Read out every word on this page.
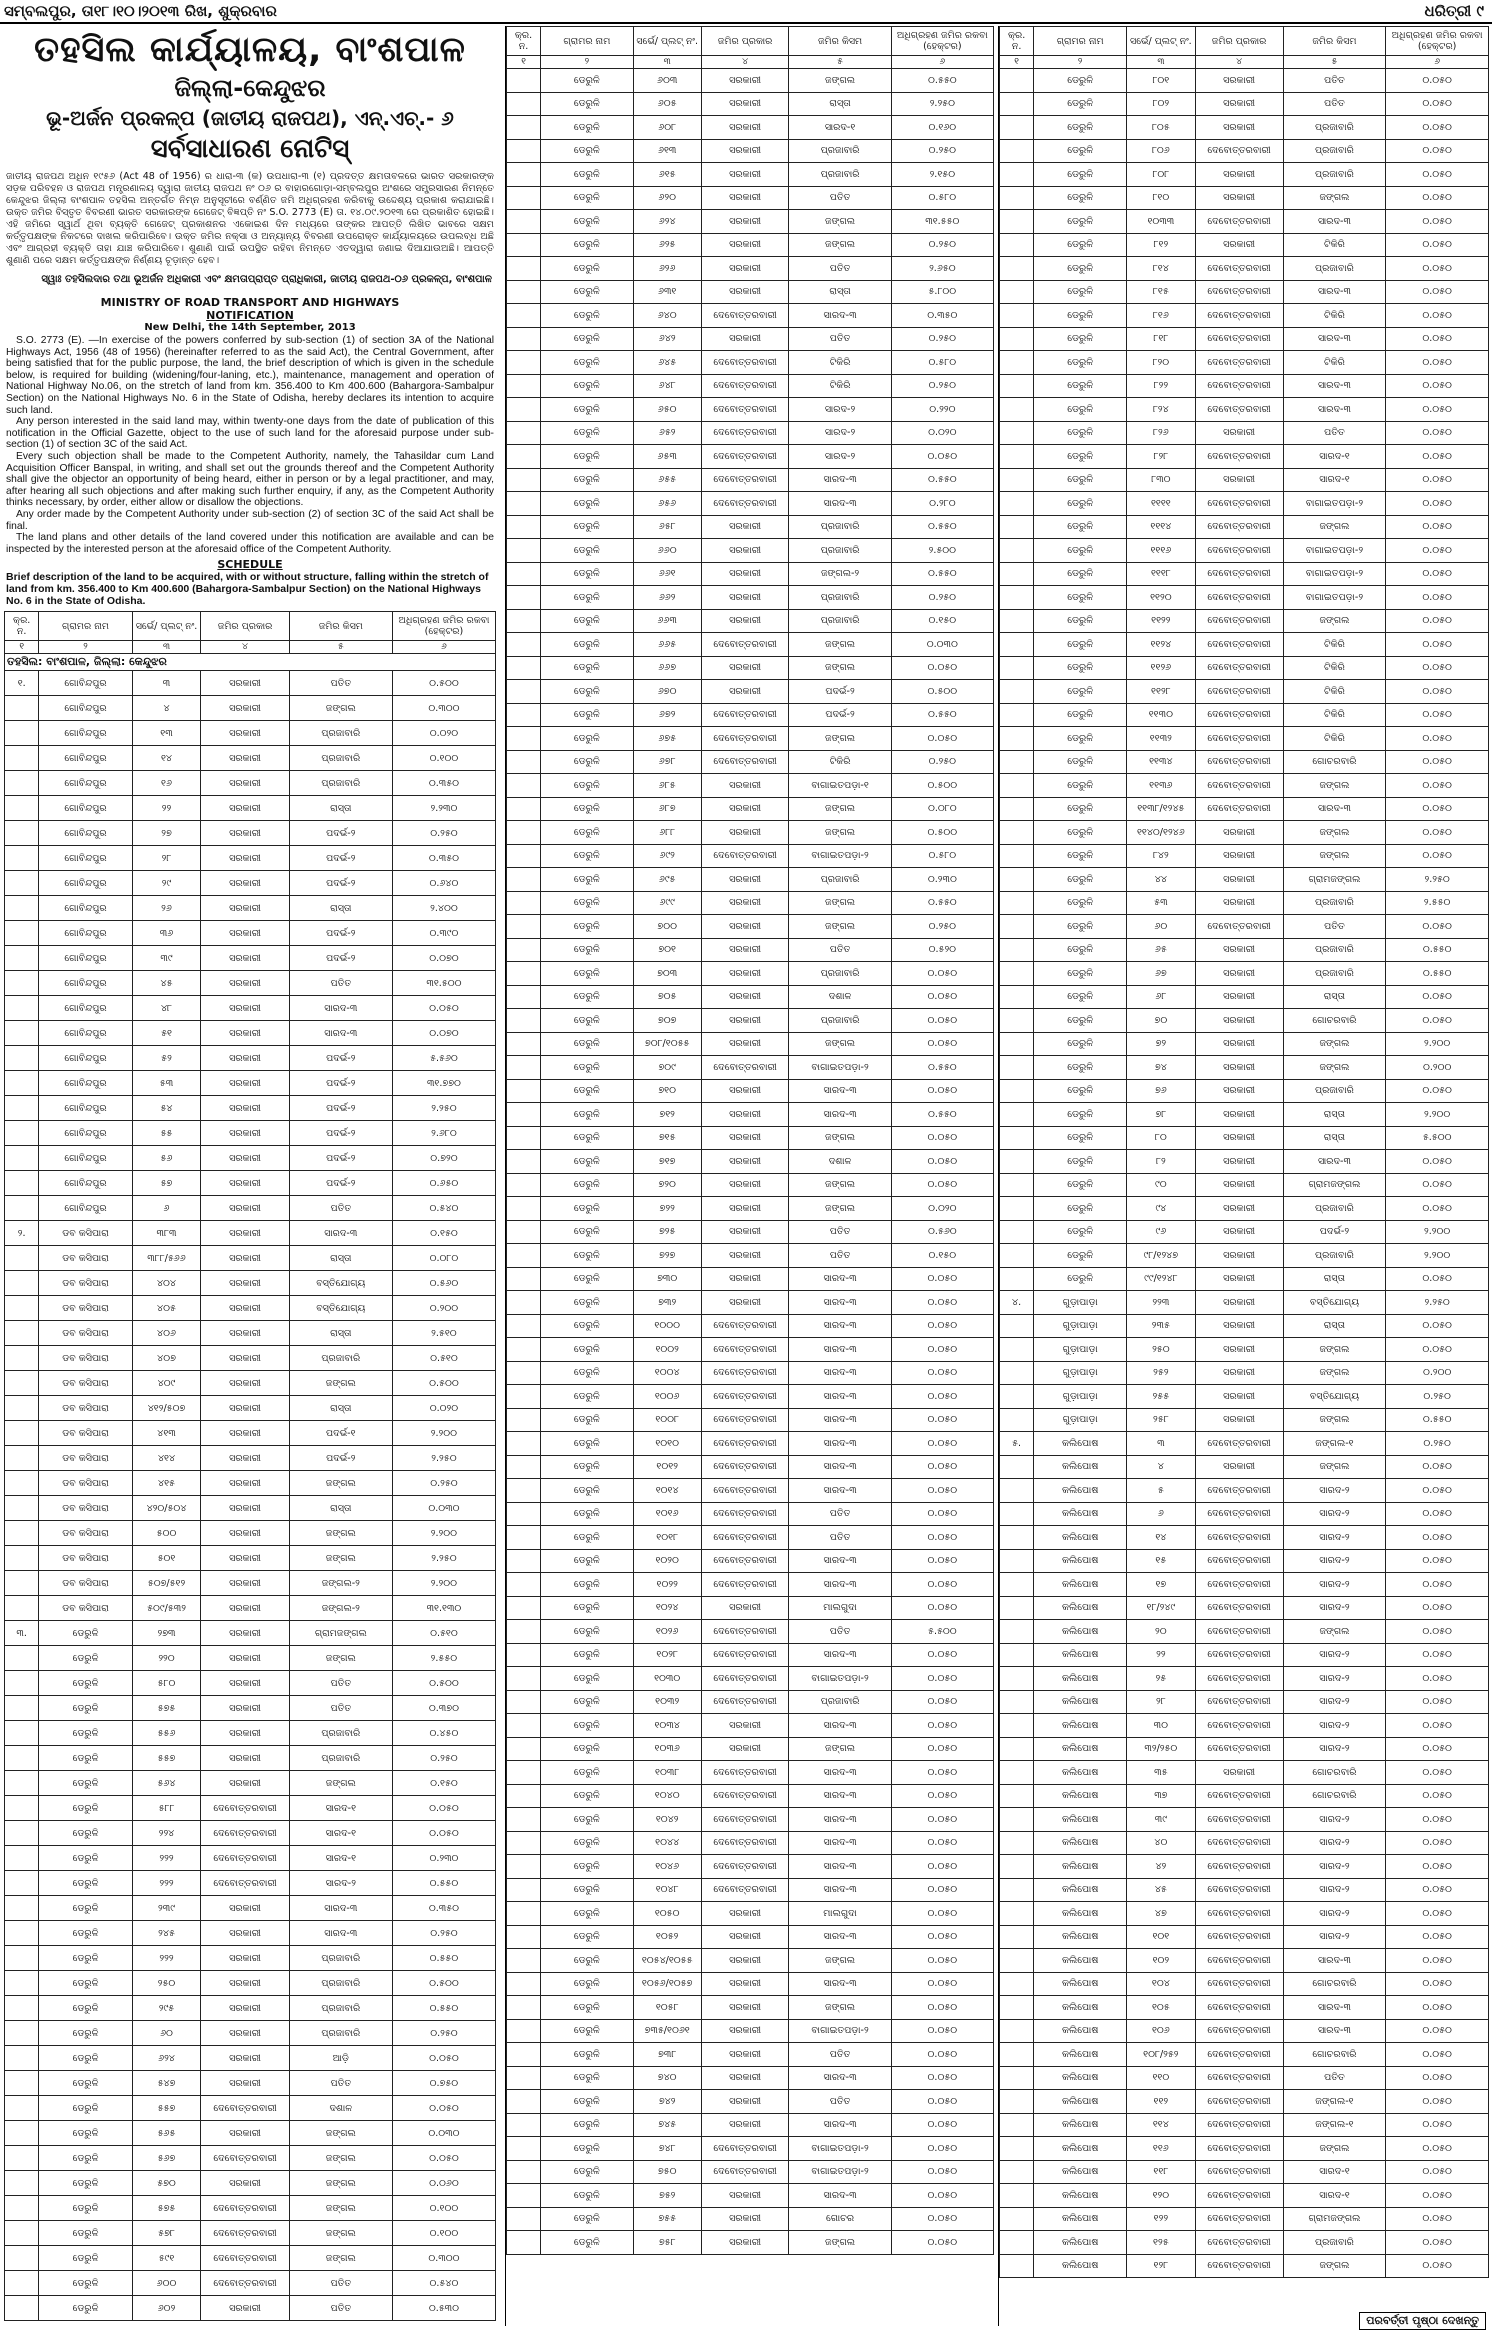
ସମ୍ବଲପୁର, ତା୧୮।୧୦।୨୦୧୩ ରିଖ, ଶୁକ୍ରବାର	ଧରିତ୍ରୀ ୯
ତହସିଲ କାର୍ଯ୍ୟାଳୟ, ବାଂଶପାଳ
ଜିଲ୍ଲା-କେନ୍ଦୁଝର
ଭୂ-ଅର୍ଜନ ପ୍ରକଳ୍ପ (ଜାତୀୟ ରାଜପଥ), ଏନ୍.ଏଚ୍.- ୬
ସର୍ବସାଧାରଣ ନୋଟିସ୍
ଜାତୀୟ ରାଜପଥ ଅଧିନ ୧୯୫୬ (Act 48 of 1956) ର ଧାରା-୩ (କ) ଉପଧାରା-୩ (୧) ପ୍ରଦତ୍ତ କ୍ଷମତାବଳରେ ଭାରତ ସରକାରଙ୍କ ସଡ଼କ ପରିବହନ ଓ ରାଜପଥ ମନ୍ତ୍ରଣାଳୟ ଦ୍ୱାରା ଜାତୀୟ ରାଜପଥ ନଂ ୦୬ ର ବାହାରଗୋଡ଼ା-ସମ୍ବଲପୁର ଅଂଶରେ ସମ୍ପ୍ରସାରଣ ନିମନ୍ତେ କେନ୍ଦୁଝର ଜିଲ୍ଲା ବାଂଶପାଳ ତହସିଲ ଅନ୍ତର୍ଗତ ନିମ୍ନ ଅନୁସୂଚୀରେ ବର୍ଣ୍ଣିତ ଜମି ଅଧିଗ୍ରହଣ କରିବାକୁ ଉଦ୍ଦେଶ୍ୟ ପ୍ରକାଶ କରାଯାଇଛି। ଉକ୍ତ ଜମିର ବିସ୍ତୃତ ବିବରଣୀ ଭାରତ ସରକାରଙ୍କ ଗେଜେଟ୍ ବିଜ୍ଞପ୍ତି ନଂ S.O. 2773 (E) ତା. ୧୪.୦୯.୨୦୧୩ ରେ ପ୍ରକାଶିତ ହୋଇଛି। ଏହି ଜମିରେ ସ୍ୱାର୍ଥ ଥିବା ବ୍ୟକ୍ତି ଗେଜେଟ୍ ପ୍ରକାଶନର ଏକୋଇଶ ଦିନ ମଧ୍ୟରେ ତାଙ୍କର ଆପତ୍ତି ଲିଖିତ ଭାବରେ ସକ୍ଷମ କର୍ତ୍ତୃପକ୍ଷଙ୍କ ନିକଟରେ ଦାଖଲ କରିପାରିବେ। ଉକ୍ତ ଜମିର ନକ୍ସା ଓ ଅନ୍ୟାନ୍ୟ ବିବରଣୀ ଉପରୋକ୍ତ କାର୍ଯ୍ୟାଳୟରେ ଉପଲବ୍ଧ ଅଛି ଏବଂ ଆଗ୍ରହୀ ବ୍ୟକ୍ତି ତାହା ଯାଞ୍ଚ କରିପାରିବେ। ଶୁଣାଣି ପାଇଁ ଉପସ୍ଥିତ ରହିବା ନିମନ୍ତେ ଏତଦ୍ୱାରା ଜଣାଇ ଦିଆଯାଉଅଛି। ଆପତ୍ତି ଶୁଣାଣି ପରେ ସକ୍ଷମ କର୍ତ୍ତୃପକ୍ଷଙ୍କ ନିର୍ଣ୍ଣୟ ଚୂଡ଼ାନ୍ତ ହେବ।
ସ୍ୱାଃ ତହସିଲଦାର ତଥା ଭୂଅର୍ଜନ ଅଧିକାରୀ ଏବଂ କ୍ଷମତାପ୍ରାପ୍ତ ପ୍ରାଧିକାରୀ, ଜାତୀୟ ରାଜପଥ-୦୬ ପ୍ରକଳ୍ପ, ବାଂଶପାଳ
MINISTRY OF ROAD TRANSPORT AND HIGHWAYS
NOTIFICATION
New Delhi, the 14th September, 2013
S.O. 2773 (E). —In exercise of the powers conferred by sub-section (1) of section 3A of the National Highways Act, 1956 (48 of 1956) (hereinafter referred to as the said Act), the Central Government, after being satisfied that for the public purpose, the land, the brief description of which is given in the schedule below, is required for building (widening/four-laning, etc.), maintenance, management and operation of National Highway No.06, on the stretch of land from km. 356.400 to Km 400.600 (Bahargora-Sambalpur Section) on the National Highways No. 6 in the State of Odisha, hereby declares its intention to acquire such land.
Any person interested in the said land may, within twenty-one days from the date of publication of this notification in the Official Gazette, object to the use of such land for the aforesaid purpose under sub-section (1) of section 3C of the said Act.
Every such objection shall be made to the Competent Authority, namely, the Tahasildar cum Land Acquisition Officer Banspal, in writing, and shall set out the grounds thereof and the Competent Authority shall give the objector an opportunity of being heard, either in person or by a legal practitioner, and may, after hearing all such objections and after making such further enquiry, if any, as the Competent Authority thinks necessary, by order, either allow or disallow the objections.
Any order made by the Competent Authority under sub-section (2) of section 3C of the said Act shall be final.
The land plans and other details of the land covered under this notification are available and can be inspected by the interested person at the aforesaid office of the Competent Authority.
SCHEDULE
Brief description of the land to be acquired, with or without structure, falling within the stretch of land from km. 356.400 to Km 400.600 (Bahargora-Sambalpur Section) on the National Highways No. 6 in the State of Odisha.
କ୍ର. ନ.	ଗ୍ରାମର ନାମ	ସର୍ଭେ/ ପ୍ଲଟ୍ ନଂ.	ଜମିର ପ୍ରକାର	ଜମିର କିସମ	ଅଧିଗ୍ରହଣ ଜମିର ରକବା (ହେକ୍ଟର)
୧	୨	୩	୪	୫	୬
ତହସିଲ: ବାଂଶପାଳ, ଜିଲ୍ଲା: କେନ୍ଦୁଝର					
୧.	ଗୋବିନ୍ଦପୁର	୩	ସରକାରୀ	ପତିତ	୦.୫୦୦
	ଗୋବିନ୍ଦପୁର	୪	ସରକାରୀ	ଜଙ୍ଗଲ	୦.୩୦୦
	ଗୋବିନ୍ଦପୁର	୧୩	ସରକାରୀ	ପ୍ରଜାବାରି	୦.୦୨୦
	ଗୋବିନ୍ଦପୁର	୧୪	ସରକାରୀ	ପ୍ରଜାବାରି	୦.୧୦୦
	ଗୋବିନ୍ଦପୁର	୧୬	ସରକାରୀ	ପ୍ରଜାବାରି	୦.୩୫୦
	ଗୋବିନ୍ଦପୁର	୨୨	ସରକାରୀ	ରାସ୍ତା	୨.୨୩୦
	ଗୋବିନ୍ଦପୁର	୨୭	ସରକାରୀ	ପଦର୍ଭ-୨	୦.୨୫୦
	ଗୋବିନ୍ଦପୁର	୨୮	ସରକାରୀ	ପଦର୍ଭ-୨	୦.୩୫୦
	ଗୋବିନ୍ଦପୁର	୨୯	ସରକାରୀ	ପଦର୍ଭ-୨	୦.୬୪୦
	ଗୋବିନ୍ଦପୁର	୨୬	ସରକାରୀ	ରାସ୍ତା	୨.୪୦୦
	ଗୋବିନ୍ଦପୁର	୩୬	ସରକାରୀ	ପଦର୍ଭ-୨	୦.୩୯୦
	ଗୋବିନ୍ଦପୁର	୩୯	ସରକାରୀ	ପଦର୍ଭ-୨	୦.୦୭୦
	ଗୋବିନ୍ଦପୁର	୪୫	ସରକାରୀ	ପତିତ	୩୧.୫୦୦
	ଗୋବିନ୍ଦପୁର	୪୮	ସରକାରୀ	ସାରଦ-୩	୦.୦୫୦
	ଗୋବିନ୍ଦପୁର	୫୧	ସରକାରୀ	ସାରଦ-୩	୦.୦୭୦
	ଗୋବିନ୍ଦପୁର	୫୨	ସରକାରୀ	ପଦର୍ଭ-୨	୫.୫୬୦
	ଗୋବିନ୍ଦପୁର	୫୩	ସରକାରୀ	ପଦର୍ଭ-୨	୩୧.୭୭୦
	ଗୋବିନ୍ଦପୁର	୫୪	ସରକାରୀ	ପଦର୍ଭ-୨	୨.୨୫୦
	ଗୋବିନ୍ଦପୁର	୫୫	ସରକାରୀ	ପଦର୍ଭ-୨	୨.୬୮୦
	ଗୋବିନ୍ଦପୁର	୫୬	ସରକାରୀ	ପଦର୍ଭ-୨	୦.୭୨୦
	ଗୋବିନ୍ଦପୁର	୫୭	ସରକାରୀ	ପଦର୍ଭ-୨	୦.୬୫୦
	ଗୋବିନ୍ଦପୁର	୬	ସରକାରୀ	ପତିତ	୦.୫୪୦
୨.	ଡବ କସିପାରା	୩୮୩	ସରକାରୀ	ସାରଦ-୩	୦.୧୫୦
	ଡବ କସିପାରା	୩୮୮/୫୬୬	ସରକାରୀ	ରାସ୍ତା	୦.୦୮୦
	ଡବ କସିପାରା	୪୦୪	ସରକାରୀ	ବସ୍ତିଯୋଗ୍ୟ	୦.୫୬୦
	ଡବ କସିପାରା	୪୦୫	ସରକାରୀ	ବସ୍ତିଯୋଗ୍ୟ	୦.୨୦୦
	ଡବ କସିପାରା	୪୦୬	ସରକାରୀ	ରାସ୍ତା	୨.୫୧୦
	ଡବ କସିପାରା	୪୦୭	ସରକାରୀ	ପ୍ରଜାବାରି	୦.୫୧୦
	ଡବ କସିପାରା	୪୦୯	ସରକାରୀ	ଜଙ୍ଗଲ	୦.୫୦୦
	ଡବ କସିପାରା	୪୧୨/୫୦୭	ସରକାରୀ	ରାସ୍ତା	୦.୦୨୦
	ଡବ କସିପାରା	୪୧୩	ସରକାରୀ	ପଦର୍ଭ-୧	୨.୨୦୦
	ଡବ କସିପାରା	୪୧୪	ସରକାରୀ	ପଦର୍ଭ-୨	୨.୨୫୦
	ଡବ କସିପାରା	୪୧୫	ସରକାରୀ	ଜଙ୍ଗଲ	୦.୨୫୦
	ଡବ କସିପାରା	୪୨୦/୫୦୪	ସରକାରୀ	ରାସ୍ତା	୦.୦୩୦
	ଡବ କସିପାରା	୫୦୦	ସରକାରୀ	ଜଙ୍ଗଲ	୨.୨୦୦
	ଡବ କସିପାରା	୫୦୧	ସରକାରୀ	ଜଙ୍ଗଲ	୨.୨୫୦
	ଡବ କସିପାରା	୫୦୭/୫୧୨	ସରକାରୀ	ଜଙ୍ଗଲ-୨	୨.୨୦୦
	ଡବ କସିପାରା	୫୦୯/୫୩୨	ସରକାରୀ	ଜଙ୍ଗଲ-୨	୩୧.୧୩୦
୩.	ଡେରୁଳି	୨୭୩	ସରକାରୀ	ଗ୍ରାମଜଙ୍ଗଲ	୦.୫୧୦
	ଡେରୁଳି	୨୨୦	ସରକାରୀ	ଜଙ୍ଗଲ	୨.୫୫୦
	ଡେରୁଳି	୫୮୦	ସରକାରୀ	ପତିତ	୦.୫୦୦
	ଡେରୁଳି	୫୭୫	ସରକାରୀ	ପତିତ	୦.୩୭୦
	ଡେରୁଳି	୫୫୬	ସରକାରୀ	ପ୍ରଜାବାରି	୦.୪୫୦
	ଡେରୁଳି	୫୫୭	ସରକାରୀ	ପ୍ରଜାବାରି	୦.୨୫୦
	ଡେରୁଳି	୫୬୪	ସରକାରୀ	ଜଙ୍ଗଲ	୦.୧୫୦
	ଡେରୁଳି	୫୮୮	ଦେବୋତ୍ତରବାରୀ	ସାରଦ-୧	୦.୦୫୦
	ଡେରୁଳି	୨୨୪	ଦେବୋତ୍ତରବାରୀ	ସାରଦ-୧	୦.୦୫୦
	ଡେରୁଳି	୨୨୨	ଦେବୋତ୍ତରବାରୀ	ସାରଦ-୧	୦.୨୩୦
	ଡେରୁଳି	୨୨୨	ଦେବୋତ୍ତରବାରୀ	ସାରଦ-୨	୦.୫୫୦
	ଡେରୁଳି	୨୩୯	ସରକାରୀ	ସାରଦ-୩	୦.୩୫୦
	ଡେରୁଳି	୨୪୫	ସରକାରୀ	ସାରଦ-୩	୦.୨୫୦
	ଡେରୁଳି	୨୨୨	ସରକାରୀ	ପ୍ରଜାବାରି	୦.୫୫୦
	ଡେରୁଳି	୨୫୦	ସରକାରୀ	ପ୍ରଜାବାରି	୦.୫୦୦
	ଡେରୁଳି	୨୯୫	ସରକାରୀ	ପ୍ରଜାବାରି	୦.୫୫୦
	ଡେରୁଳି	୬୦	ସରକାରୀ	ପ୍ରଜାବାରି	୦.୨୫୦
	ଡେରୁଳି	୬୨୪	ସରକାରୀ	ଆଡ଼ି	୦.୦୫୦
	ଡେରୁଳି	୫୪୭	ସରକାରୀ	ପତିତ	୦.୭୫୦
	ଡେରୁଳି	୫୫୭	ଦେବୋତ୍ତରବାରୀ	ଦଶାଳ	୦.୦୫୦
	ଡେରୁଳି	୫୬୫	ସରକାରୀ	ଜଙ୍ଗଲ	୦.୦୩୦
	ଡେରୁଳି	୫୬୭	ଦେବୋତ୍ତରବାରୀ	ଜଙ୍ଗଲ	୦.୦୫୦
	ଡେରୁଳି	୫୭୦	ସରକାରୀ	ଜଙ୍ଗଲ	୦.୦୬୦
	ଡେରୁଳି	୫୭୫	ଦେବୋତ୍ତରବାରୀ	ଜଙ୍ଗଲ	୦.୧୦୦
	ଡେରୁଳି	୫୭୮	ଦେବୋତ୍ତରବାରୀ	ଜଙ୍ଗଲ	୦.୧୦୦
	ଡେରୁଳି	୫୯୧	ଦେବୋତ୍ତରବାରୀ	ଜଙ୍ଗଲ	୦.୩୦୦
	ଡେରୁଳି	୬୦୦	ଦେବୋତ୍ତରବାରୀ	ପତିତ	୦.୫୪୦
	ଡେରୁଳି	୬୦୨	ସରକାରୀ	ପତିତ	୦.୫୩୦
କ୍ର. ନ.	ଗ୍ରାମର ନାମ	ସର୍ଭେ/ ପ୍ଲଟ୍ ନଂ.	ଜମିର ପ୍ରକାର	ଜମିର କିସମ	ଅଧିଗ୍ରହଣ ଜମିର ରକବା (ହେକ୍ଟର)
୧	୨	୩	୪	୫	୬
	ଡେରୁଳି	୬୦୩	ସରକାରୀ	ଜଙ୍ଗଲ	୦.୫୫୦
	ଡେରୁଳି	୬୦୫	ସରକାରୀ	ରାସ୍ତା	୨.୨୫୦
	ଡେରୁଳି	୬୦୮	ସରକାରୀ	ସାରଦ-୧	୦.୧୬୦
	ଡେରୁଳି	୬୧୩	ସରକାରୀ	ପ୍ରଜାବାରି	୦.୨୫୦
	ଡେରୁଳି	୬୧୫	ସରକାରୀ	ପ୍ରଜାବାରି	୨.୧୫୦
	ଡେରୁଳି	୬୨୦	ସରକାରୀ	ପତିତ	୦.୫୮୦
	ଡେରୁଳି	୬୨୪	ସରକାରୀ	ଜଙ୍ଗଲ	୩୧.୫୫୦
	ଡେରୁଳି	୬୨୫	ସରକାରୀ	ଜଙ୍ଗଲ	୦.୨୫୦
	ଡେରୁଳି	୬୨୬	ସରକାରୀ	ପତିତ	୨.୬୫୦
	ଡେରୁଳି	୬୩୧	ସରକାରୀ	ରାସ୍ତା	୫.୮୦୦
	ଡେରୁଳି	୬୪୦	ଦେବୋତ୍ତରବାରୀ	ସାରଦ-୩	୦.୩୫୦
	ଡେରୁଳି	୬୪୨	ସରକାରୀ	ପତିତ	୦.୨୫୦
	ଡେରୁଳି	୬୪୫	ଦେବୋତ୍ତରବାରୀ	ଟିକିରି	୦.୫୮୦
	ଡେରୁଳି	୬୪୮	ଦେବୋତ୍ତରବାରୀ	ଟିକିରି	୦.୨୫୦
	ଡେରୁଳି	୬୫୦	ଦେବୋତ୍ତରବାରୀ	ସାରଦ-୨	୦.୨୨୦
	ଡେରୁଳି	୬୫୨	ଦେବୋତ୍ତରବାରୀ	ସାରଦ-୨	୦.୦୨୦
	ଡେରୁଳି	୬୫୩	ଦେବୋତ୍ତରବାରୀ	ସାରଦ-୨	୦.୦୫୦
	ଡେରୁଳି	୬୫୫	ଦେବୋତ୍ତରବାରୀ	ସାରଦ-୩	୦.୫୫୦
	ଡେରୁଳି	୬୫୬	ଦେବୋତ୍ତରବାରୀ	ସାରଦ-୩	୦.୨୮୦
	ଡେରୁଳି	୬୫୮	ସରକାରୀ	ପ୍ରଜାବାରି	୦.୫୫୦
	ଡେରୁଳି	୬୬୦	ସରକାରୀ	ପ୍ରଜାବାରି	୨.୫୦୦
	ଡେରୁଳି	୬୬୧	ସରକାରୀ	ଜଙ୍ଗଲ-୨	୦.୫୫୦
	ଡେରୁଳି	୬୬୨	ସରକାରୀ	ପ୍ରଜାବାରି	୦.୨୫୦
	ଡେରୁଳି	୬୬୩	ସରକାରୀ	ପ୍ରଜାବାରି	୦.୧୫୦
	ଡେରୁଳି	୬୬୫	ଦେବୋତ୍ତରବାରୀ	ଜଙ୍ଗଲ	୦.୦୩୦
	ଡେରୁଳି	୬୬୭	ସରକାରୀ	ଜଙ୍ଗଲ	୦.୦୫୦
	ଡେରୁଳି	୬୭୦	ସରକାରୀ	ପଦର୍ଭ-୨	୦.୫୦୦
	ଡେରୁଳି	୬୭୨	ଦେବୋତ୍ତରବାରୀ	ପଦର୍ଭ-୨	୦.୫୫୦
	ଡେରୁଳି	୬୭୫	ଦେବୋତ୍ତରବାରୀ	ଜଙ୍ଗଲ	୦.୦୫୦
	ଡେରୁଳି	୬୭୮	ଦେବୋତ୍ତରବାରୀ	ଟିକିରି	୦.୨୫୦
	ଡେରୁଳି	୬୮୫	ସରକାରୀ	ବାଗାଇତପଡ଼ା-୧	୦.୫୦୦
	ଡେରୁଳି	୬୮୭	ସରକାରୀ	ଜଙ୍ଗଲ	୦.୦୮୦
	ଡେରୁଳି	୬୮୮	ସରକାରୀ	ଜଙ୍ଗଲ	୦.୫୦୦
	ଡେରୁଳି	୬୯୨	ଦେବୋତ୍ତରବାରୀ	ବାଗାଇତପଡ଼ା-୨	୦.୫୮୦
	ଡେରୁଳି	୬୯୫	ସରକାରୀ	ପ୍ରଜାବାରି	୦.୨୩୦
	ଡେରୁଳି	୬୯୯	ସରକାରୀ	ଜଙ୍ଗଲ	୦.୫୫୦
	ଡେରୁଳି	୭୦୦	ସରକାରୀ	ଜଙ୍ଗଲ	୦.୨୫୦
	ଡେରୁଳି	୭୦୧	ସରକାରୀ	ପତିତ	୦.୫୨୦
	ଡେରୁଳି	୭୦୩	ସରକାରୀ	ପ୍ରଜାବାରି	୦.୦୫୦
	ଡେରୁଳି	୭୦୫	ସରକାରୀ	ଦଶାଳ	୦.୦୫୦
	ଡେରୁଳି	୭୦୭	ସରକାରୀ	ପ୍ରଜାବାରି	୦.୦୫୦
	ଡେରୁଳି	୭୦୮/୧୦୫୫	ସରକାରୀ	ଜଙ୍ଗଲ	୦.୦୫୦
	ଡେରୁଳି	୭୦୯	ଦେବୋତ୍ତରବାରୀ	ବାଗାଇତପଡ଼ା-୨	୦.୫୫୦
	ଡେରୁଳି	୭୧୦	ସରକାରୀ	ସାରଦ-୩	୦.୦୫୦
	ଡେରୁଳି	୭୧୨	ସରକାରୀ	ସାରଦ-୩	୦.୫୫୦
	ଡେରୁଳି	୭୧୫	ସରକାରୀ	ଜଙ୍ଗଲ	୦.୦୫୦
	ଡେରୁଳି	୭୧୭	ସରକାରୀ	ଦଶାଳ	୦.୦୫୦
	ଡେରୁଳି	୭୨୦	ସରକାରୀ	ଜଙ୍ଗଲ	୦.୦୫୦
	ଡେରୁଳି	୭୨୨	ସରକାରୀ	ଜଙ୍ଗଲ	୦.୦୨୦
	ଡେରୁଳି	୭୨୫	ସରକାରୀ	ପତିତ	୦.୫୬୦
	ଡେରୁଳି	୭୨୭	ସରକାରୀ	ପତିତ	୦.୧୫୦
	ଡେରୁଳି	୭୩୦	ସରକାରୀ	ସାରଦ-୩	୦.୦୫୦
	ଡେରୁଳି	୭୩୨	ସରକାରୀ	ସାରଦ-୩	୦.୦୫୦
	ଡେରୁଳି	୧୦୦୦	ଦେବୋତ୍ତରବାରୀ	ସାରଦ-୩	୦.୦୫୦
	ଡେରୁଳି	୧୦୦୨	ଦେବୋତ୍ତରବାରୀ	ସାରଦ-୩	୦.୦୫୦
	ଡେରୁଳି	୧୦୦୪	ଦେବୋତ୍ତରବାରୀ	ସାରଦ-୩	୦.୦୫୦
	ଡେରୁଳି	୧୦୦୬	ଦେବୋତ୍ତରବାରୀ	ସାରଦ-୩	୦.୦୫୦
	ଡେରୁଳି	୧୦୦୮	ଦେବୋତ୍ତରବାରୀ	ସାରଦ-୩	୦.୦୫୦
	ଡେରୁଳି	୧୦୧୦	ଦେବୋତ୍ତରବାରୀ	ସାରଦ-୩	୦.୦୫୦
	ଡେରୁଳି	୧୦୧୨	ଦେବୋତ୍ତରବାରୀ	ସାରଦ-୩	୦.୦୫୦
	ଡେରୁଳି	୧୦୧୪	ଦେବୋତ୍ତରବାରୀ	ସାରଦ-୩	୦.୦୫୦
	ଡେରୁଳି	୧୦୧୬	ଦେବୋତ୍ତରବାରୀ	ପତିତ	୦.୦୫୦
	ଡେରୁଳି	୧୦୧୮	ଦେବୋତ୍ତରବାରୀ	ପତିତ	୦.୦୫୦
	ଡେରୁଳି	୧୦୨୦	ଦେବୋତ୍ତରବାରୀ	ସାରଦ-୩	୦.୦୫୦
	ଡେରୁଳି	୧୦୨୨	ଦେବୋତ୍ତରବାରୀ	ସାରଦ-୩	୦.୦୫୦
	ଡେରୁଳି	୧୦୨୪	ସରକାରୀ	ମାଲଗୁଦା	୦.୦୫୦
	ଡେରୁଳି	୧୦୨୬	ଦେବୋତ୍ତରବାରୀ	ପତିତ	୫.୫୦୦
	ଡେରୁଳି	୧୦୨୮	ଦେବୋତ୍ତରବାରୀ	ସାରଦ-୩	୦.୦୫୦
	ଡେରୁଳି	୧୦୩୦	ଦେବୋତ୍ତରବାରୀ	ବାଗାଇତପଡ଼ା-୨	୦.୦୫୦
	ଡେରୁଳି	୧୦୩୨	ଦେବୋତ୍ତରବାରୀ	ପ୍ରଜାବାରି	୦.୦୫୦
	ଡେରୁଳି	୧୦୩୪	ସରକାରୀ	ସାରଦ-୩	୦.୦୫୦
	ଡେରୁଳି	୧୦୩୬	ସରକାରୀ	ଜଙ୍ଗଲ	୦.୦୫୦
	ଡେରୁଳି	୧୦୩୮	ଦେବୋତ୍ତରବାରୀ	ସାରଦ-୩	୦.୦୫୦
	ଡେରୁଳି	୧୦୪୦	ଦେବୋତ୍ତରବାରୀ	ସାରଦ-୩	୦.୦୫୦
	ଡେରୁଳି	୧୦୪୨	ଦେବୋତ୍ତରବାରୀ	ସାରଦ-୩	୦.୦୫୦
	ଡେରୁଳି	୧୦୪୪	ଦେବୋତ୍ତରବାରୀ	ସାରଦ-୩	୦.୦୫୦
	ଡେରୁଳି	୧୦୪୬	ଦେବୋତ୍ତରବାରୀ	ସାରଦ-୩	୦.୦୫୦
	ଡେରୁଳି	୧୦୪୮	ଦେବୋତ୍ତରବାରୀ	ସାରଦ-୩	୦.୦୫୦
	ଡେରୁଳି	୧୦୫୦	ସରକାରୀ	ମାଲଗୁଦା	୦.୦୫୦
	ଡେରୁଳି	୧୦୫୨	ସରକାରୀ	ସାରଦ-୩	୦.୦୫୦
	ଡେରୁଳି	୧୦୫୪/୧୦୫୫	ସରକାରୀ	ଜଙ୍ଗଲ	୦.୦୫୦
	ଡେରୁଳି	୧୦୫୬/୧୦୫୭	ସରକାରୀ	ସାରଦ-୩	୦.୦୫୦
	ଡେରୁଳି	୧୦୫୮	ସରକାରୀ	ଜଙ୍ଗଲ	୦.୦୫୦
	ଡେରୁଳି	୭୩୫/୧୦୬୧	ସରକାରୀ	ବାଗାଇତପଡ଼ା-୨	୦.୦୫୦
	ଡେରୁଳି	୭୩୮	ସରକାରୀ	ପତିତ	୦.୦୫୦
	ଡେରୁଳି	୭୪୦	ସରକାରୀ	ସାରଦ-୩	୦.୦୫୦
	ଡେରୁଳି	୭୪୨	ସରକାରୀ	ପତିତ	୦.୦୫୦
	ଡେରୁଳି	୭୪୫	ସରକାରୀ	ସାରଦ-୩	୦.୦୫୦
	ଡେରୁଳି	୭୪୮	ଦେବୋତ୍ତରବାରୀ	ବାଗାଇତପଡ଼ା-୨	୦.୦୫୦
	ଡେରୁଳି	୭୫୦	ଦେବୋତ୍ତରବାରୀ	ବାଗାଇତପଡ଼ା-୨	୦.୦୫୦
	ଡେରୁଳି	୭୫୨	ସରକାରୀ	ସାରଦ-୩	୦.୦୫୦
	ଡେରୁଳି	୭୫୫	ସରକାରୀ	ଗୋଚର	୦.୦୫୦
	ଡେରୁଳି	୭୫୮	ସରକାରୀ	ଜଙ୍ଗଲ	୦.୦୫୦
କ୍ର. ନ.	ଗ୍ରାମର ନାମ	ସର୍ଭେ/ ପ୍ଲଟ୍ ନଂ.	ଜମିର ପ୍ରକାର	ଜମିର କିସମ	ଅଧିଗ୍ରହଣ ଜମିର ରକବା (ହେକ୍ଟର)
୧	୨	୩	୪	୫	୬
	ଡେରୁଳି	୮୦୧	ସରକାରୀ	ପତିତ	୦.୦୫୦
	ଡେରୁଳି	୮୦୨	ସରକାରୀ	ପତିତ	୦.୦୫୦
	ଡେରୁଳି	୮୦୫	ସରକାରୀ	ପ୍ରଜାବାରି	୦.୦୫୦
	ଡେରୁଳି	୮୦୬	ଦେବୋତ୍ତରବାରୀ	ପ୍ରଜାବାରି	୦.୦୫୦
	ଡେରୁଳି	୮୦୮	ସରକାରୀ	ପ୍ରଜାବାରି	୦.୦୫୦
	ଡେରୁଳି	୮୧୦	ସରକାରୀ	ଜଙ୍ଗଲ	୦.୦୫୦
	ଡେରୁଳି	୧୦୩୩	ଦେବୋତ୍ତରବାରୀ	ସାରଦ-୩	୦.୦୫୦
	ଡେରୁଳି	୮୧୨	ସରକାରୀ	ଟିକିରି	୦.୦୫୦
	ଡେରୁଳି	୮୧୪	ଦେବୋତ୍ତରବାରୀ	ପ୍ରଜାବାରି	୦.୦୫୦
	ଡେରୁଳି	୮୧୫	ଦେବୋତ୍ତରବାରୀ	ସାରଦ-୩	୦.୦୫୦
	ଡେରୁଳି	୮୧୬	ଦେବୋତ୍ତରବାରୀ	ଟିକିରି	୦.୦୫୦
	ଡେରୁଳି	୮୧୮	ଦେବୋତ୍ତରବାରୀ	ସାରଦ-୩	୦.୦୫୦
	ଡେରୁଳି	୮୨୦	ଦେବୋତ୍ତରବାରୀ	ଟିକିରି	୦.୦୫୦
	ଡେରୁଳି	୮୨୨	ଦେବୋତ୍ତରବାରୀ	ସାରଦ-୩	୦.୦୫୦
	ଡେରୁଳି	୮୨୪	ଦେବୋତ୍ତରବାରୀ	ସାରଦ-୩	୦.୦୫୦
	ଡେରୁଳି	୮୨୬	ସରକାରୀ	ପତିତ	୦.୦୫୦
	ଡେରୁଳି	୮୨୮	ଦେବୋତ୍ତରବାରୀ	ସାରଦ-୧	୦.୦୫୦
	ଡେରୁଳି	୮୩୦	ସରକାରୀ	ସାରଦ-୧	୦.୦୫୦
	ଡେରୁଳି	୧୧୧୧	ଦେବୋତ୍ତରବାରୀ	ବାଗାଇତପଡ଼ା-୨	୦.୦୫୦
	ଡେରୁଳି	୧୧୧୪	ଦେବୋତ୍ତରବାରୀ	ଜଙ୍ଗଲ	୦.୦୫୦
	ଡେରୁଳି	୧୧୧୬	ଦେବୋତ୍ତରବାରୀ	ବାଗାଇତପଡ଼ା-୨	୦.୦୫୦
	ଡେରୁଳି	୧୧୧୮	ଦେବୋତ୍ତରବାରୀ	ବାଗାଇତପଡ଼ା-୨	୦.୦୫୦
	ଡେରୁଳି	୧୧୨୦	ଦେବୋତ୍ତରବାରୀ	ବାଗାଇତପଡ଼ା-୨	୦.୦୫୦
	ଡେରୁଳି	୧୧୨୨	ଦେବୋତ୍ତରବାରୀ	ଜଙ୍ଗଲ	୦.୦୫୦
	ଡେରୁଳି	୧୧୨୪	ଦେବୋତ୍ତରବାରୀ	ଟିକିରି	୦.୦୫୦
	ଡେରୁଳି	୧୧୨୬	ଦେବୋତ୍ତରବାରୀ	ଟିକିରି	୦.୦୫୦
	ଡେରୁଳି	୧୧୨୮	ଦେବୋତ୍ତରବାରୀ	ଟିକିରି	୦.୦୫୦
	ଡେରୁଳି	୧୧୩୦	ଦେବୋତ୍ତରବାରୀ	ଟିକିରି	୦.୦୫୦
	ଡେରୁଳି	୧୧୩୨	ଦେବୋତ୍ତରବାରୀ	ଟିକିରି	୦.୦୫୦
	ଡେରୁଳି	୧୧୩୪	ଦେବୋତ୍ତରବାରୀ	ଗୋଚରବାରି	୦.୦୫୦
	ଡେରୁଳି	୧୧୩୬	ଦେବୋତ୍ତରବାରୀ	ଜଙ୍ଗଲ	୦.୦୫୦
	ଡେରୁଳି	୧୧୩୮/୧୨୪୫	ଦେବୋତ୍ତରବାରୀ	ସାରଦ-୩	୦.୦୫୦
	ଡେରୁଳି	୧୧୪୦/୧୨୪୬	ସରକାରୀ	ଜଙ୍ଗଲ	୦.୦୫୦
	ଡେରୁଳି	୮୪୨	ସରକାରୀ	ଜଙ୍ଗଲ	୦.୦୫୦
	ଡେରୁଳି	୪୪	ସରକାରୀ	ଗ୍ରାମଜଙ୍ଗଲ	୨.୨୫୦
	ଡେରୁଳି	୫୩	ସରକାରୀ	ପ୍ରଜାବାରି	୨.୫୫୦
	ଡେରୁଳି	୬୦	ଦେବୋତ୍ତରବାରୀ	ପତିତ	୦.୦୫୦
	ଡେରୁଳି	୬୫	ସରକାରୀ	ପ୍ରଜାବାରି	୦.୫୫୦
	ଡେରୁଳି	୬୭	ସରକାରୀ	ପ୍ରଜାବାରି	୦.୫୫୦
	ଡେରୁଳି	୬୮	ସରକାରୀ	ରାସ୍ତା	୦.୦୫୦
	ଡେରୁଳି	୭୦	ସରକାରୀ	ଗୋଚରବାରି	୦.୦୫୦
	ଡେରୁଳି	୭୨	ସରକାରୀ	ଜଙ୍ଗଲ	୨.୨୦୦
	ଡେରୁଳି	୭୪	ସରକାରୀ	ଜଙ୍ଗଲ	୦.୨୦୦
	ଡେରୁଳି	୭୬	ସରକାରୀ	ପ୍ରଜାବାରି	୦.୦୫୦
	ଡେରୁଳି	୭୮	ସରକାରୀ	ରାସ୍ତା	୨.୨୦୦
	ଡେରୁଳି	୮୦	ସରକାରୀ	ରାସ୍ତା	୫.୫୦୦
	ଡେରୁଳି	୮୨	ସରକାରୀ	ସାରଦ-୩	୦.୦୫୦
	ଡେରୁଳି	୯୦	ସରକାରୀ	ଗ୍ରାମଜଙ୍ଗଲ	୦.୦୫୦
	ଡେରୁଳି	୯୪	ସରକାରୀ	ପ୍ରଜାବାରି	୦.୦୫୦
	ଡେରୁଳି	୯୬	ସରକାରୀ	ପଦର୍ଭ-୨	୨.୨୦୦
	ଡେରୁଳି	୯୮/୧୨୪୭	ସରକାରୀ	ପ୍ରଜାବାରି	୨.୨୦୦
	ଡେରୁଳି	୯୯/୧୨୪୮	ସରକାରୀ	ରାସ୍ତା	୦.୦୫୦
୪.	ଗୁଡ଼ାପାଡ଼ା	୨୨୩	ସରକାରୀ	ବସ୍ତିଯୋଗ୍ୟ	୨.୨୫୦
	ଗୁଡ଼ାପାଡ଼ା	୨୩୫	ସରକାରୀ	ରାସ୍ତା	୦.୦୫୦
	ଗୁଡ଼ାପାଡ଼ା	୨୫୦	ସରକାରୀ	ଜଙ୍ଗଲ	୦.୦୫୦
	ଗୁଡ଼ାପାଡ଼ା	୨୫୨	ସରକାରୀ	ଜଙ୍ଗଲ	୦.୨୦୦
	ଗୁଡ଼ାପାଡ଼ା	୨୫୫	ସରକାରୀ	ବସ୍ତିଯୋଗ୍ୟ	୦.୨୫୦
	ଗୁଡ଼ାପାଡ଼ା	୨୫୮	ସରକାରୀ	ଜଙ୍ଗଲ	୦.୫୫୦
୫.	କଲିପୋଷ	୩	ଦେବୋତ୍ତରବାରୀ	ଜଙ୍ଗଲ-୧	୦.୨୫୦
	କଲିପୋଷ	୪	ସରକାରୀ	ଜଙ୍ଗଲ	୦.୦୫୦
	କଲିପୋଷ	୫	ଦେବୋତ୍ତରବାରୀ	ସାରଦ-୨	୦.୦୫୦
	କଲିପୋଷ	୬	ଦେବୋତ୍ତରବାରୀ	ସାରଦ-୨	୦.୦୫୦
	କଲିପୋଷ	୧୪	ଦେବୋତ୍ତରବାରୀ	ସାରଦ-୨	୦.୦୫୦
	କଲିପୋଷ	୧୫	ଦେବୋତ୍ତରବାରୀ	ସାରଦ-୨	୦.୦୫୦
	କଲିପୋଷ	୧୭	ଦେବୋତ୍ତରବାରୀ	ସାରଦ-୨	୦.୦୫୦
	କଲିପୋଷ	୧୮/୨୪୯	ଦେବୋତ୍ତରବାରୀ	ସାରଦ-୨	୦.୦୫୦
	କଲିପୋଷ	୨୦	ଦେବୋତ୍ତରବାରୀ	ଜଙ୍ଗଲ	୦.୦୫୦
	କଲିପୋଷ	୨୨	ଦେବୋତ୍ତରବାରୀ	ସାରଦ-୨	୦.୦୫୦
	କଲିପୋଷ	୨୫	ଦେବୋତ୍ତରବାରୀ	ସାରଦ-୨	୦.୦୫୦
	କଲିପୋଷ	୨୮	ଦେବୋତ୍ତରବାରୀ	ସାରଦ-୨	୦.୦୫୦
	କଲିପୋଷ	୩୦	ଦେବୋତ୍ତରବାରୀ	ସାରଦ-୨	୦.୦୫୦
	କଲିପୋଷ	୩୨/୨୫୦	ଦେବୋତ୍ତରବାରୀ	ସାରଦ-୨	୦.୦୫୦
	କଲିପୋଷ	୩୫	ସରକାରୀ	ଗୋଚରବାରି	୦.୦୫୦
	କଲିପୋଷ	୩୭	ଦେବୋତ୍ତରବାରୀ	ଗୋଚରବାରି	୦.୦୫୦
	କଲିପୋଷ	୩୯	ଦେବୋତ୍ତରବାରୀ	ସାରଦ-୨	୦.୦୫୦
	କଲିପୋଷ	୪୦	ଦେବୋତ୍ତରବାରୀ	ସାରଦ-୨	୦.୦୫୦
	କଲିପୋଷ	୪୨	ଦେବୋତ୍ତରବାରୀ	ସାରଦ-୨	୦.୦୫୦
	କଲିପୋଷ	୪୫	ଦେବୋତ୍ତରବାରୀ	ସାରଦ-୨	୦.୦୫୦
	କଲିପୋଷ	୪୭	ଦେବୋତ୍ତରବାରୀ	ସାରଦ-୨	୦.୦୫୦
	କଲିପୋଷ	୧୦୧	ଦେବୋତ୍ତରବାରୀ	ସାରଦ-୨	୦.୦୫୦
	କଲିପୋଷ	୧୦୨	ଦେବୋତ୍ତରବାରୀ	ସାରଦ-୩	୦.୦୫୦
	କଲିପୋଷ	୧୦୪	ଦେବୋତ୍ତରବାରୀ	ଗୋଚରବାରି	୦.୦୫୦
	କଲିପୋଷ	୧୦୫	ଦେବୋତ୍ତରବାରୀ	ସାରଦ-୩	୦.୦୫୦
	କଲିପୋଷ	୧୦୬	ଦେବୋତ୍ତରବାରୀ	ସାରଦ-୩	୦.୦୫୦
	କଲିପୋଷ	୧୦୮/୨୫୨	ଦେବୋତ୍ତରବାରୀ	ଗୋଚରବାରି	୦.୦୫୦
	କଲିପୋଷ	୧୧୦	ଦେବୋତ୍ତରବାରୀ	ପତିତ	୦.୦୫୦
	କଲିପୋଷ	୧୧୨	ଦେବୋତ୍ତରବାରୀ	ଜଙ୍ଗଲ-୧	୦.୦୫୦
	କଲିପୋଷ	୧୧୪	ଦେବୋତ୍ତରବାରୀ	ଜଙ୍ଗଲ-୧	୦.୦୫୦
	କଲିପୋଷ	୧୧୬	ଦେବୋତ୍ତରବାରୀ	ଜଙ୍ଗଲ	୦.୦୫୦
	କଲିପୋଷ	୧୧୮	ଦେବୋତ୍ତରବାରୀ	ସାରଦ-୧	୦.୦୫୦
	କଲିପୋଷ	୧୨୦	ଦେବୋତ୍ତରବାରୀ	ସାରଦ-୧	୦.୦୫୦
	କଲିପୋଷ	୧୨୨	ଦେବୋତ୍ତରବାରୀ	ଗ୍ରାମଜଙ୍ଗଲ	୦.୦୫୦
	କଲିପୋଷ	୧୨୫	ଦେବୋତ୍ତରବାରୀ	ପ୍ରଜାବାରି	୦.୦୫୦
	କଲିପୋଷ	୧୨୮	ଦେବୋତ୍ତରବାରୀ	ଜଙ୍ଗଲ	୦.୦୫୦
ପରବର୍ତ୍ତୀ ପୃଷ୍ଠା ଦେଖନ୍ତୁ
